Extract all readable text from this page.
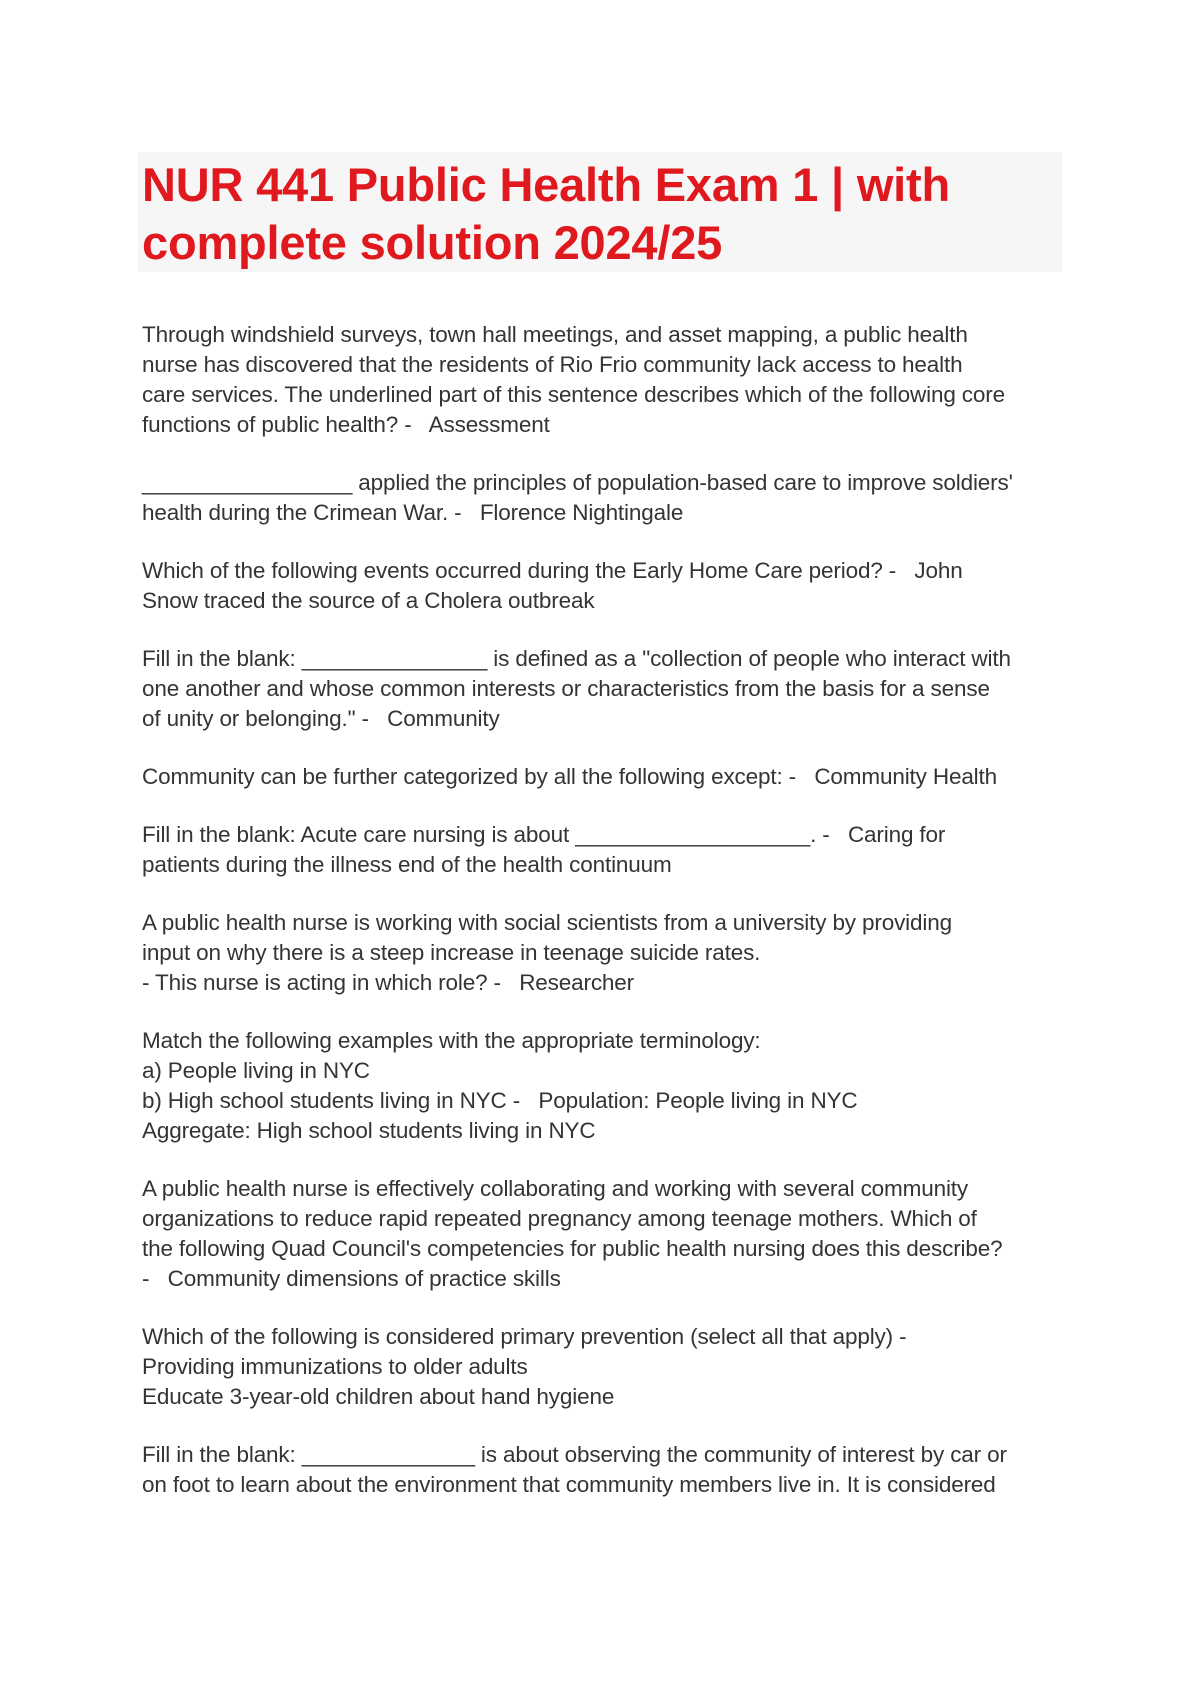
NUR 441 Public Health Exam 1 | with complete solution 2024/25

Through windshield surveys, town hall meetings, and asset mapping, a public health
nurse has discovered that the residents of Rio Frio community lack access to health
care services. The underlined part of this sentence describes which of the following core
functions of public health? -   Assessment

_________________ applied the principles of population-based care to improve soldiers'
health during the Crimean War. -   Florence Nightingale

Which of the following events occurred during the Early Home Care period? -   John
Snow traced the source of a Cholera outbreak

Fill in the blank: _______________ is defined as a "collection of people who interact with
one another and whose common interests or characteristics from the basis for a sense
of unity or belonging." -   Community

Community can be further categorized by all the following except: -   Community Health

Fill in the blank: Acute care nursing is about ___________________. -   Caring for
patients during the illness end of the health continuum

A public health nurse is working with social scientists from a university by providing
input on why there is a steep increase in teenage suicide rates.
- This nurse is acting in which role? -   Researcher

Match the following examples with the appropriate terminology:
a) People living in NYC
b) High school students living in NYC -   Population: People living in NYC
Aggregate: High school students living in NYC

A public health nurse is effectively collaborating and working with several community
organizations to reduce rapid repeated pregnancy among teenage mothers. Which of
the following Quad Council's competencies for public health nursing does this describe?
-   Community dimensions of practice skills

Which of the following is considered primary prevention (select all that apply) -
Providing immunizations to older adults
Educate 3-year-old children about hand hygiene

Fill in the blank: ______________ is about observing the community of interest by car or
on foot to learn about the environment that community members live in. It is considered
